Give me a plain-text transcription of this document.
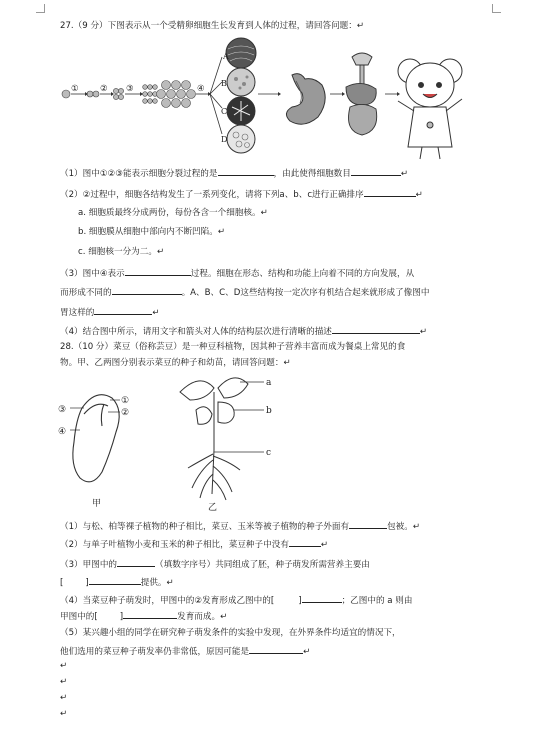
27.（9 分）下图表示从一个受精卵细胞生长发育到人体的过程，请回答问题：↵
①	② ③	④
A
B
C
D
（1）图中①②③能表示细胞分裂过程的是	，由此使得细胞数目	↵
（2）②过程中，细胞各结构发生了一系列变化，请将下列a、b、c进行正确排序	↵
a. 细胞质最终分成两份，每份各含一个细胞核。↵
b. 细胞膜从细胞中部向内不断凹陷。↵
c. 细胞核一分为二。↵
（3）图中④表示	过程。细胞在形态、结构和功能上向着不同的方向发展，从
而形成不同的	。A、B、C、D这些结构按一定次序有机结合起来就形成了像图中
胃这样的	↵
（4）结合图中所示，请用文字和箭头对人体的结构层次进行清晰的描述	↵
28.（10 分）菜豆（俗称芸豆）是一种豆科植物，因其种子营养丰富而成为餐桌上常见的食
物。甲、乙两图分别表示菜豆的种子和幼苗，请回答问题：↵
③
①
②
④
甲
a
b
c
乙
（1）与松、柏等裸子植物的种子相比，菜豆、玉米等被子植物的种子外面有	包被。↵
（2）与单子叶植物小麦和玉米的种子相比，菜豆种子中没有	↵
（3）甲图中的	（填数字序号）共同组成了胚，种子萌发所需营养主要由
[	]	提供。↵
（4）当菜豆种子萌发时，甲图中的②发育形成乙图中的[	]	；乙图中的 a 则由
甲图中的[	]	发育而成。↵
（5）某兴趣小组的同学在研究种子萌发条件的实验中发现，在外界条件均适宜的情况下，
他们选用的菜豆种子萌发率仍非常低，原因可能是	↵
↵
↵
↵
↵
